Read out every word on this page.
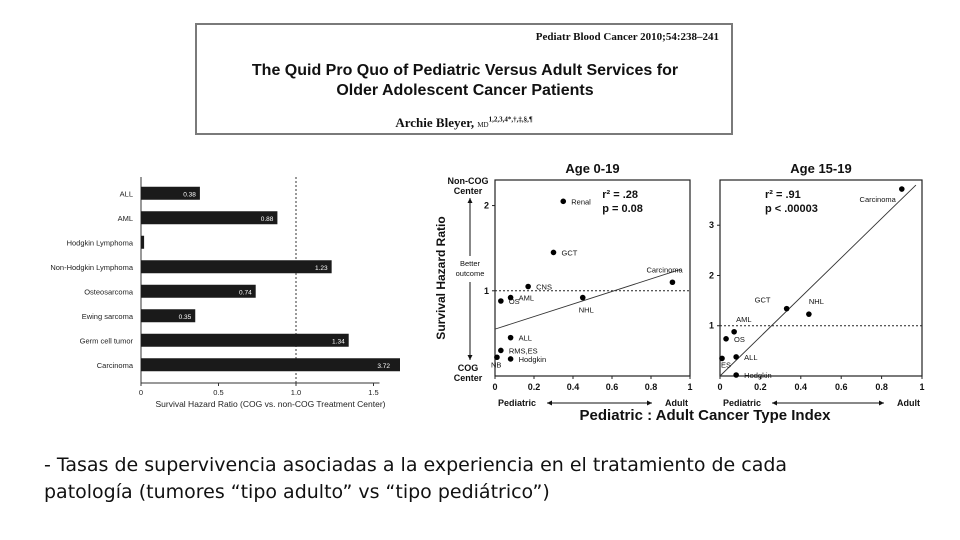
Pediatr Blood Cancer 2010;54:238–241
The Quid Pro Quo of Pediatric Versus Adult Services for
Older Adolescent Cancer Patients
Archie Bleyer, $MD^{1,2,3,4*,\dagger,\ddagger,\S,\P}$
ALL	0.38
AML	0.88
Hodgkin Lymphoma
Non-Hodgkin Lymphoma	1.23
Osteosarcoma	0.74
Ewing sarcoma	0.35
Germ cell tumor	1.34
Carcinoma	3.72
0	0.5	1.0	1.5
Survival Hazard Ratio (COG vs. non-COG Treatment Center)
Age 0-19
r² = .28
p = 0.08
0	0.2	0.4	0.6	0.8	1
1
2	Renal
GCT
CNS
AML
OS
NHL
Carcinoma
ALL
RMS,ES
NB
Hodgkin
Pediatric	Adult
Age 15-19
r² = .91
p < .00003
0	0.2	0.4	0.6	0.8	1
1
2
3
Carcinoma
NHL
GCT
AML
OS
ALL
ES
Hodgkin
Pediatric	Adult
Non-COG
Center
Better
outcome
COG
Center
Survival Hazard Ratio
Pediatric : Adult Cancer Type Index
- Tasas de supervivencia asociadas a la experiencia en el tratamiento de cada
patología (tumores “tipo adulto” vs “tipo pediátrico”)
